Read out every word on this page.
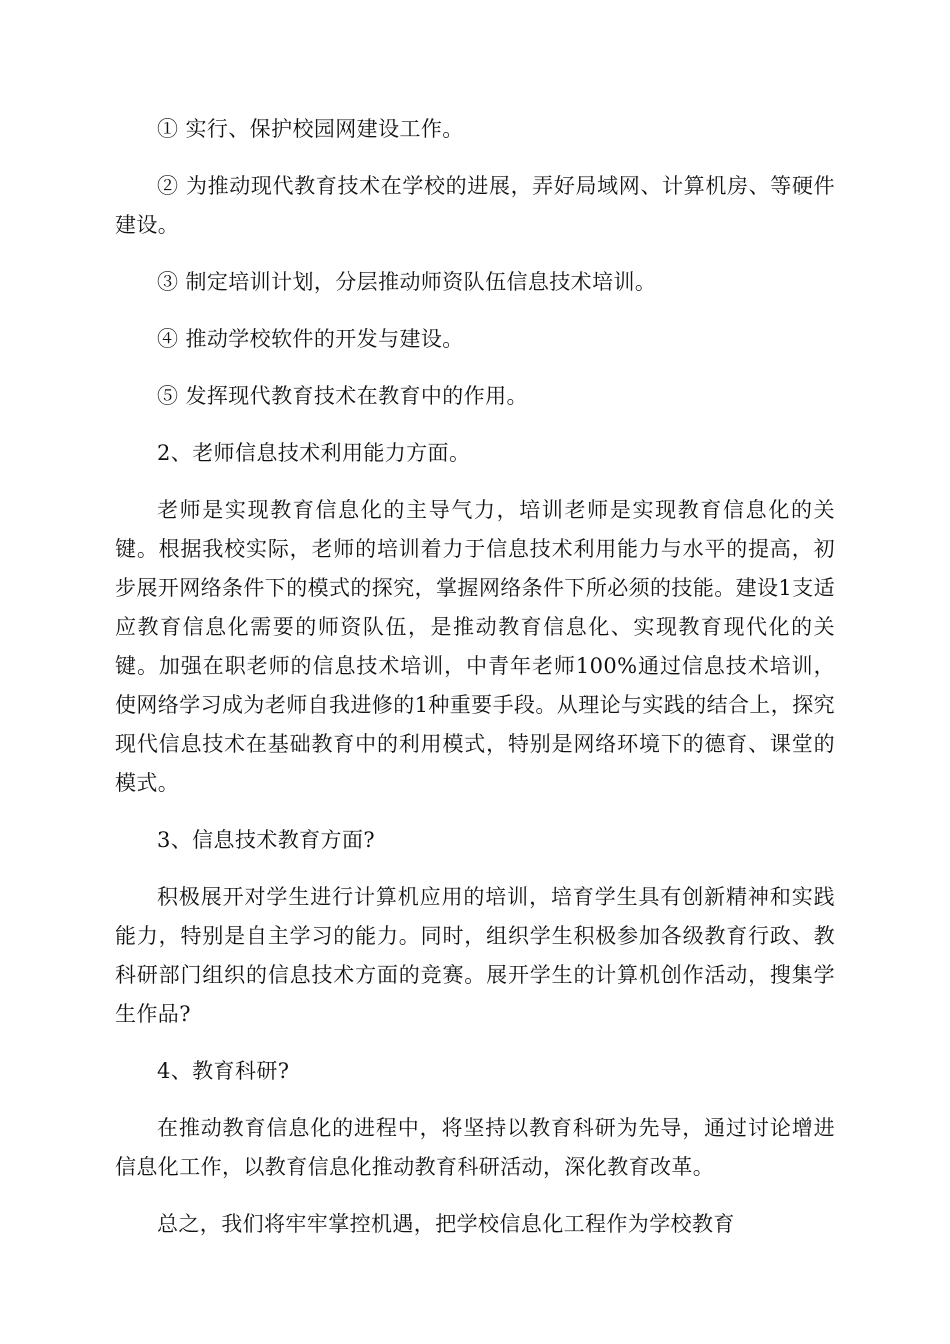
① 实行、保护校园网建设工作。

② 为推动现代教育技术在学校的进展，弄好局域网、计算机房、等硬件建设。

③ 制定培训计划，分层推动师资队伍信息技术培训。

④ 推动学校软件的开发与建设。

⑤ 发挥现代教育技术在教育中的作用。

2、老师信息技术利用能力方面。

老师是实现教育信息化的主导气力，培训老师是实现教育信息化的关键。根据我校实际，老师的培训着力于信息技术利用能力与水平的提高，初步展开网络条件下的模式的探究，掌握网络条件下所必须的技能。建设1支适应教育信息化需要的师资队伍，是推动教育信息化、实现教育现代化的关键。加强在职老师的信息技术培训，中青年老师100%通过信息技术培训，使网络学习成为老师自我进修的1种重要手段。从理论与实践的结合上，探究现代信息技术在基础教育中的利用模式，特别是网络环境下的德育、课堂的模式。

3、信息技术教育方面?

积极展开对学生进行计算机应用的培训，培育学生具有创新精神和实践能力，特别是自主学习的能力。同时，组织学生积极参加各级教育行政、教科研部门组织的信息技术方面的竞赛。展开学生的计算机创作活动，搜集学生作品?

4、教育科研?

在推动教育信息化的进程中，将坚持以教育科研为先导，通过讨论增进信息化工作，以教育信息化推动教育科研活动，深化教育改革。

总之，我们将牢牢掌控机遇，把学校信息化工程作为学校教育
